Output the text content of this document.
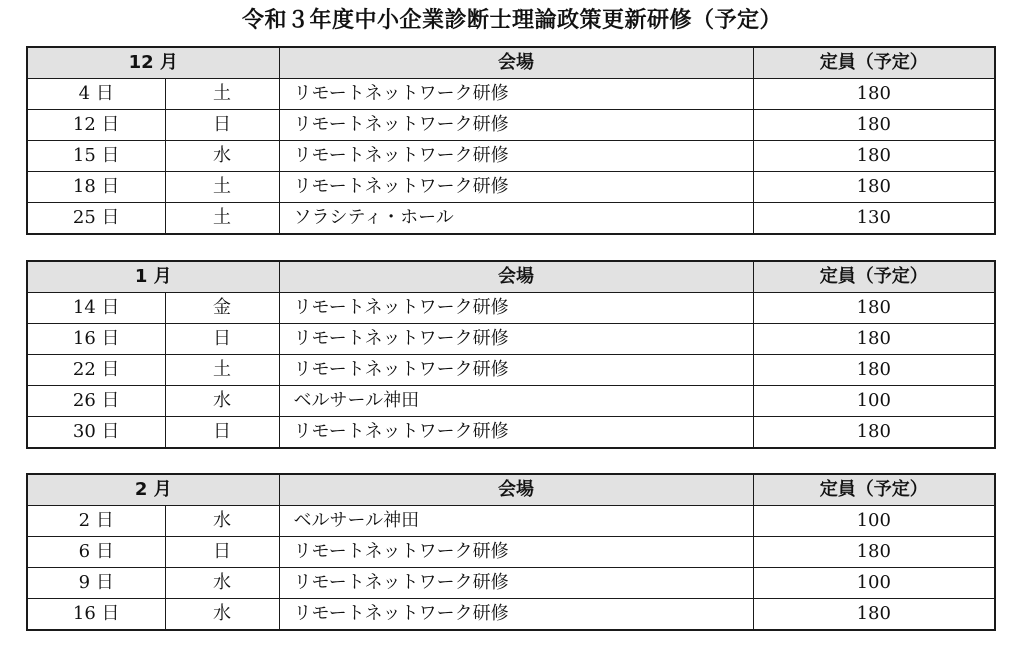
令和３年度中小企業診断士理論政策更新研修（予定）
12 月		会場	定員（予定）
4 日	土	リモートネットワーク研修	180
12 日	日	リモートネットワーク研修	180
15 日	水	リモートネットワーク研修	180
18 日	土	リモートネットワーク研修	180
25 日	土	ソラシティ・ホール	130
1 月		会場	定員（予定）
14 日	金	リモートネットワーク研修	180
16 日	日	リモートネットワーク研修	180
22 日	土	リモートネットワーク研修	180
26 日	水	ベルサール神田	100
30 日	日	リモートネットワーク研修	180
2 月		会場	定員（予定）
2 日	水	ベルサール神田	100
6 日	日	リモートネットワーク研修	180
9 日	水	リモートネットワーク研修	100
16 日	水	リモートネットワーク研修	180
